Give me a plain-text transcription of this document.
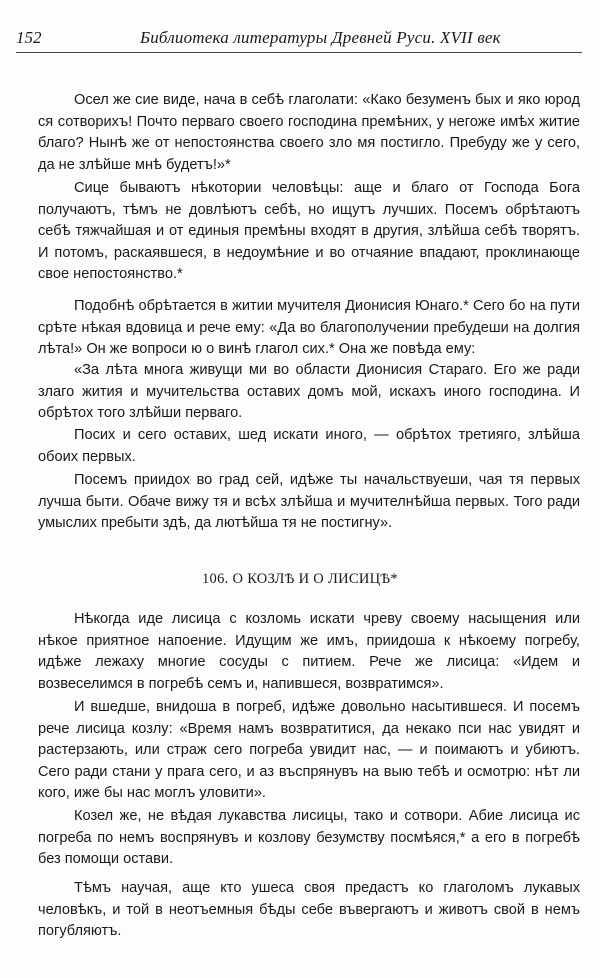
152	Библиотека литературы Древней Руси. XVII век

Осел же сие виде, нача в себѣ глаголати: «Како безуменъ бых и яко юрод ся сотворихъ! Почто перваго своего господина премѣних, у негоже имѣх житие благо? Нынѣ же от непостоянства своего зло мя постигло. Пребуду же у сего, да не злѣйше мнѣ будетъ!»*

Сице бываютъ нѣкотории человѣцы: аще и благо от Господа Бога получаютъ, тѣмъ не довлѣютъ себѣ, но ищутъ лучших. Посемъ обрѣтаютъ себѣ тяжчайшая и от единыя премѣны входят в другия, злѣйша себѣ творятъ. И потомъ, раскаявшеся, в недоумѣние и во отчаяние впадают, проклинающе свое непостоянство.*

Подобнѣ обрѣтается в житии мучителя Дионисия Юнаго.* Сего бо на пути срѣте нѣкая вдовица и рече ему: «Да во благополучении пребудеши на долгия лѣта!» Он же вопроси ю о винѣ глагол сих.* Она же повѣда ему:

«За лѣта многа живущи ми во области Дионисия Стараго. Его же ради злаго жития и мучительства оставих домъ мой, искахъ иного господина. И обрѣтох того злѣйши перваго.

Посих и сего оставих, шед искати иного, — обрѣтох третияго, злѣйша обоих первых.

Посемъ приидох во град сей, идѣже ты начальствуеши, чая тя первых лучша быти. Обаче вижу тя и всѣх злѣйша и мучителнѣйша первых. Того ради умыслих пребыти здѣ, да лютѣйша тя не постигну».

106. О КОЗЛѢ И О ЛИСИЦѢ*

Нѣкогда иде лисица с козломь искати чреву своему насыщения или нѣкое приятное напоение. Идущим же имъ, приидоша к нѣкоему погребу, идѣже лежаху многие сосуды с питием. Рече же лисица: «Идем и возвеселимся в погребѣ семъ и, напившеся, возвратимся».

И вшедше, внидоша в погреб, идѣже довольно насытившеся. И посемъ рече лисица козлу: «Время намъ возвратитися, да некако пси нас увидят и растерзають, или страж сего погреба увидит нас, — и поимаютъ и убиютъ. Сего ради стани у прага сего, и аз въспрянувъ на выю тебѣ и осмотрю: нѣт ли кого, иже бы нас моглъ уловити».

Козел же, не вѣдая лукавства лисицы, тако и сотвори. Абие лисица ис погреба по немъ воспрянувъ и козлову безумству посмѣяся,* а его в погребѣ без помощи остави.

Тѣмъ научая, аще кто ушеса своя предастъ ко глаголомъ лукавых человѣкъ, и той в неотъемныя бѣды себе въвергаютъ и животъ свой в немъ погубляютъ.
